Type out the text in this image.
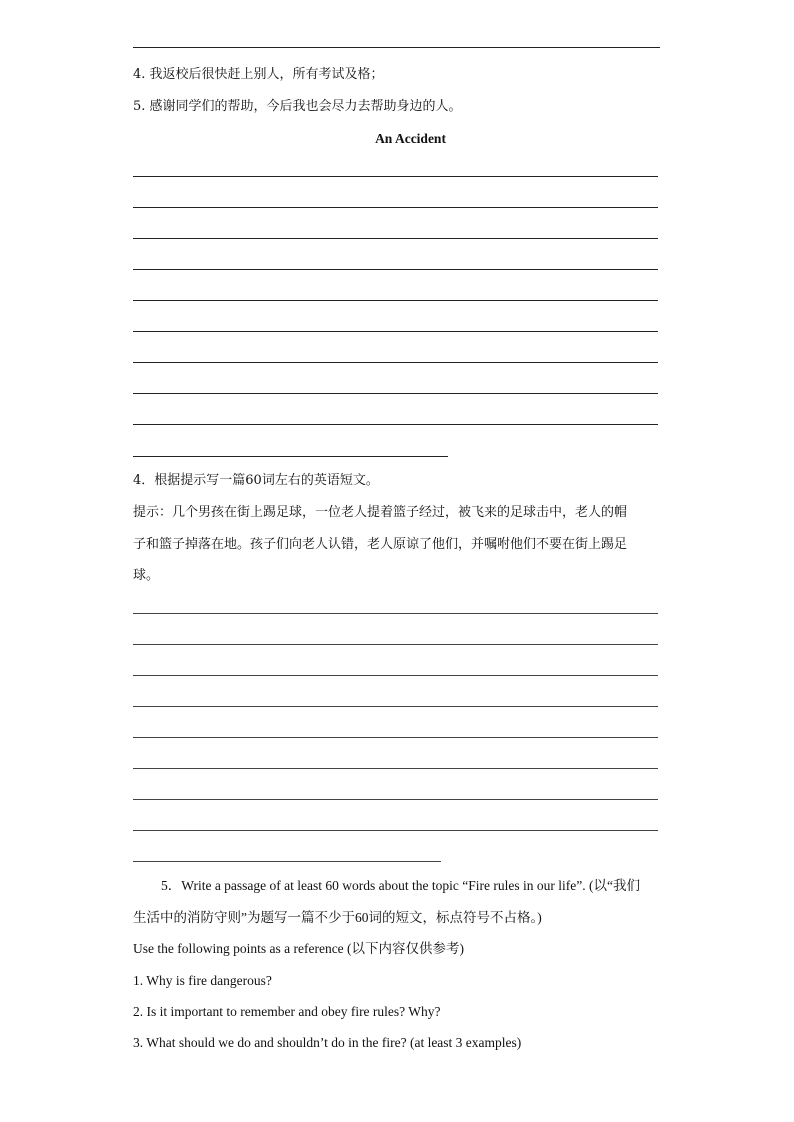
4. 我返校后很快赶上别人，所有考试及格；
5. 感谢同学们的帮助，今后我也会尽力去帮助身边的人。
An Accident
4．根据提示写一篇60词左右的英语短文。
提示：几个男孩在街上踢足球，一位老人提着篮子经过，被飞来的足球击中，老人的帽
子和篮子掉落在地。孩子们向老人认错，老人原谅了他们，并嘱咐他们不要在街上踢足
球。
5．Write a passage of at least 60 words about the topic “Fire rules in our life”. (以“我们
生活中的消防守则”为题写一篇不少于60词的短文，标点符号不占格。)
Use the following points as a reference (以下内容仅供参考)
1. Why is fire dangerous?
2. Is it important to remember and obey fire rules? Why?
3. What should we do and shouldn’t do in the fire? (at least 3 examples)
